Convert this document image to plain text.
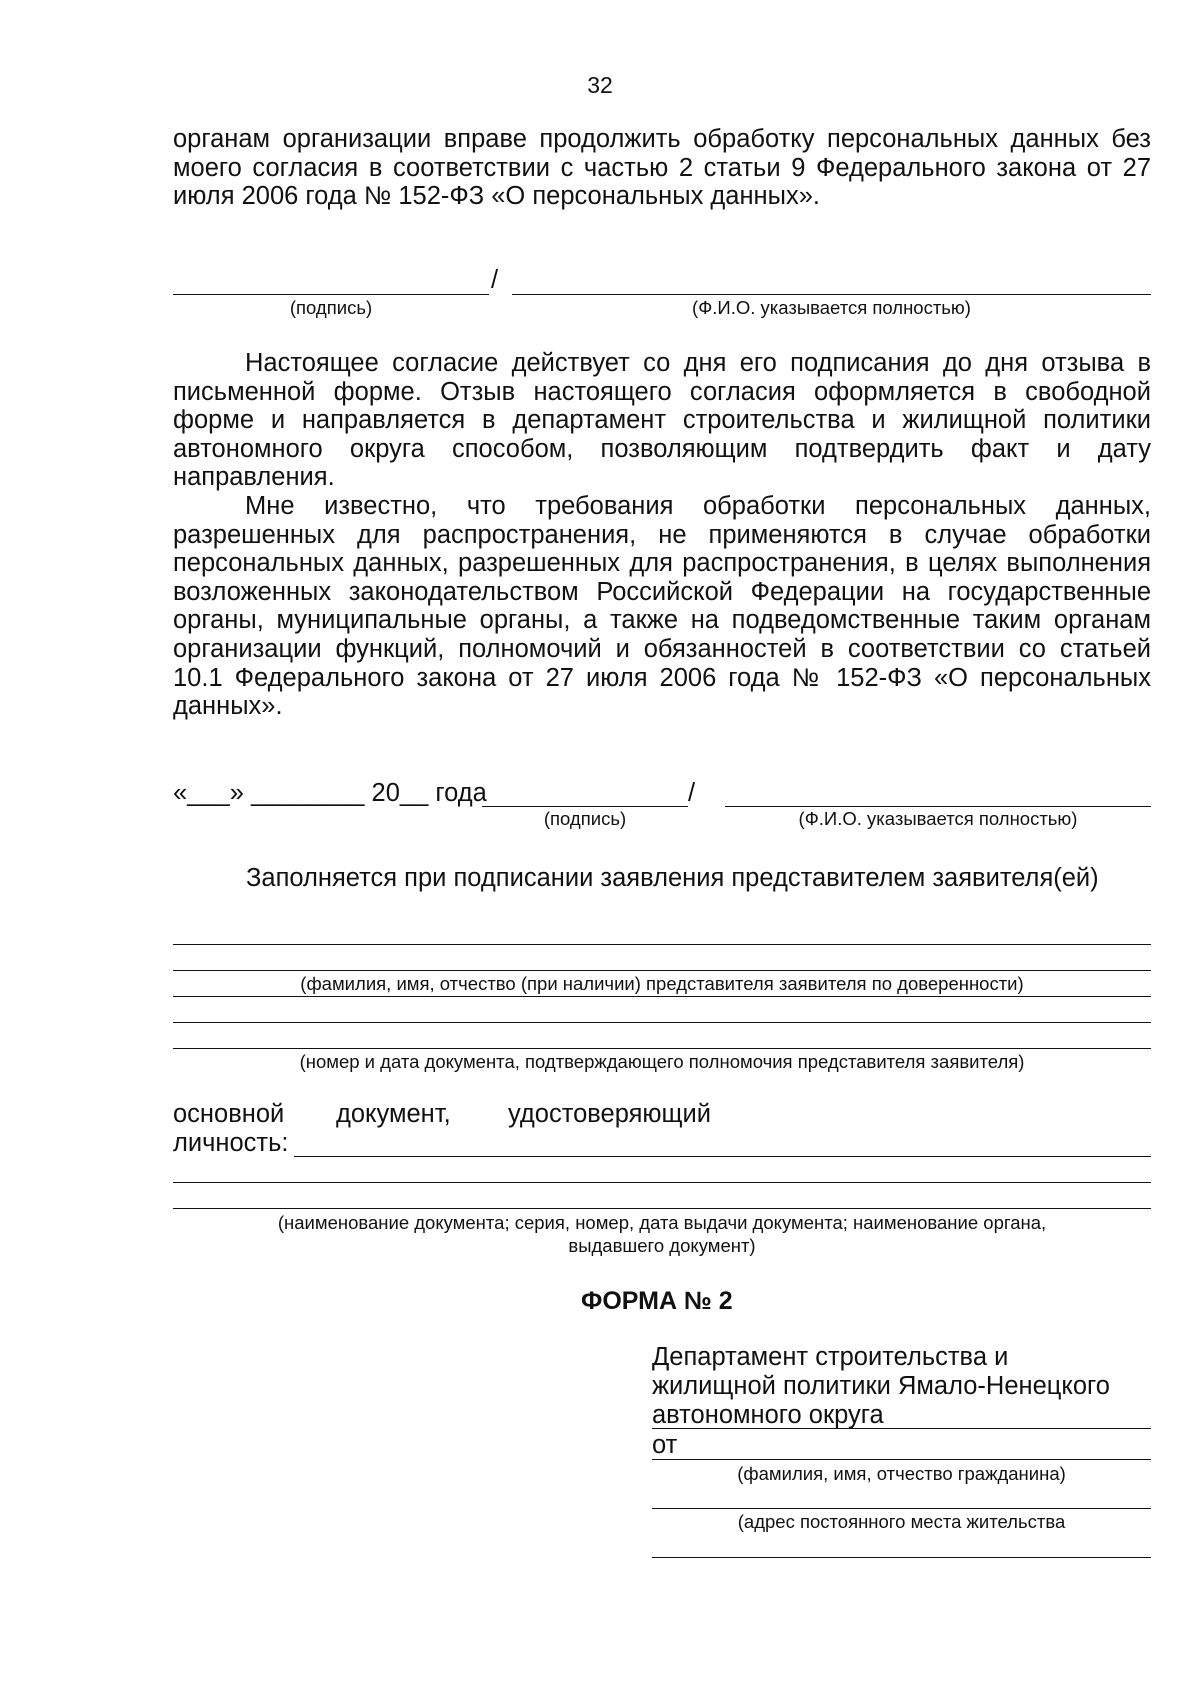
32

органам организации вправе продолжить обработку персональных данных без моего согласия в соответствии с частью 2 статьи 9 Федерального закона от 27 июля 2006 года № 152-ФЗ «О персональных данных».

/
(подпись)	(Ф.И.О. указывается полностью)

Настоящее согласие действует со дня его подписания до дня отзыва в письменной форме. Отзыв настоящего согласия оформляется в свободной форме и направляется в департамент строительства и жилищной политики автономного округа способом, позволяющим подтвердить факт и дату направления.

Мне известно, что требования обработки персональных данных, разрешенных для распространения, не применяются в случае обработки персональных данных, разрешенных для распространения, в целях выполнения возложенных законодательством Российской Федерации на государственные органы, муниципальные органы, а также на подведомственные таким органам организации функций, полномочий и обязанностей в соответствии со статьей 10.1 Федерального закона от 27 июля 2006 года № 152-ФЗ «О персональных данных».

«___» ________ 20__ года	/
(подпись)	(Ф.И.О. указывается полностью)
Заполняется при подписании заявления представителем заявителя(ей)
(фамилия, имя, отчество (при наличии) представителя заявителя по доверенности)
(номер и дата документа, подтверждающего полномочия представителя заявителя)
основной документ, удостоверяющий
личность:
(наименование документа; серия, номер, дата выдачи документа; наименование органа,
выдавшего документ)
ФОРМА № 2
Департамент строительства и
жилищной политики Ямало-Ненецкого
автономного округа
от
(фамилия, имя, отчество гражданина)
(адрес постоянного места жительства
